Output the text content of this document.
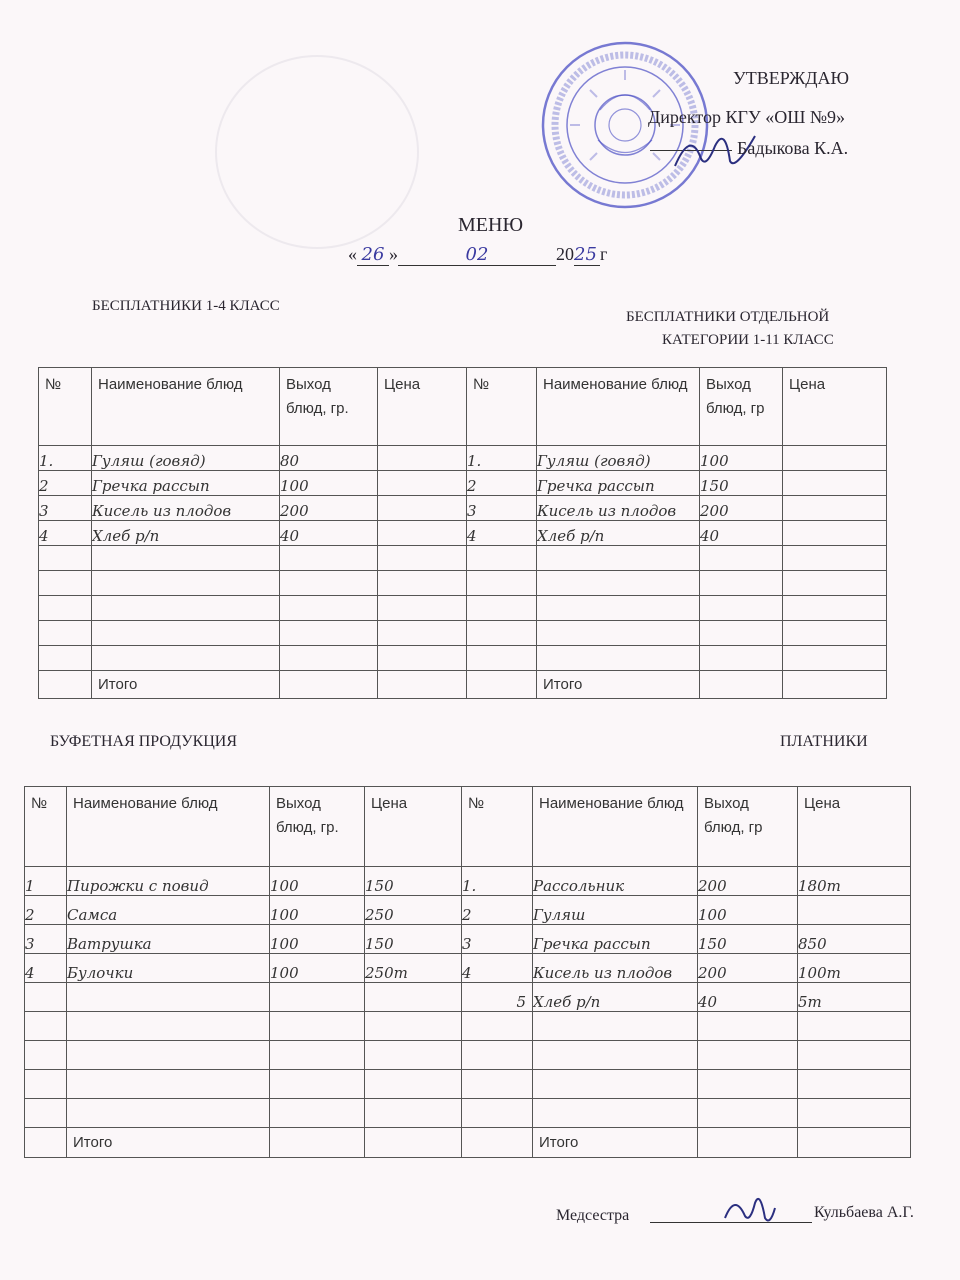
УТВЕРЖДАЮ
Директор КГУ «ОШ №9»
Бадыкова К.А.
МЕНЮ
« 26 »	02	2025 г
БЕСПЛАТНИКИ 1-4 КЛАСС
БЕСПЛАТНИКИ ОТДЕЛЬНОЙ
КАТЕГОРИИ 1-11 КЛАСС
№	Наименование блюд	Выход блюд, гр.	Цена	№	Наименование блюд	Выход блюд, гр	Цена
1.	Гуляш (говяд)	80		1.	Гуляш (говяд)	100	
2	Гречка рассып	100		2	Гречка рассып	150	
3	Кисель из плодов	200		3	Кисель из плодов	200	
4	Хлеб р/п	40		4	Хлеб р/п	40	

	Итого				Итого		
БУФЕТНАЯ ПРОДУКЦИЯ	ПЛАТНИКИ
№	Наименование блюд	Выход блюд, гр.	Цена	№	Наименование блюд	Выход блюд, гр	Цена
1	Пирожки с повид	100	150	1.	Рассольник	200	180т
2	Самса	100	250	2	Гуляш	100	
3	Ватрушка	100	150	3	Гречка рассып	150	850
4	Булочки	100	250т	4	Кисель из плодов	200	100т
				5	Хлеб р/п	40	5т

	Итого				Итого		
Медсестра	Кульбаева А.Г.
